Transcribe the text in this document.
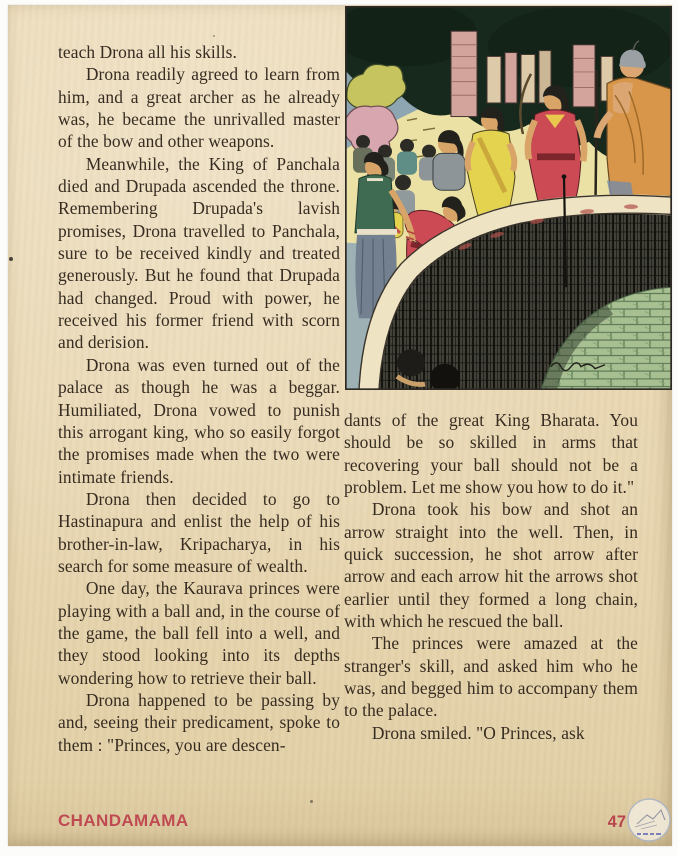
teach Drona all his skills.

Drona readily agreed to learn from him, and a great archer as he already was, he became the unrivalled master of the bow and other weapons.

Meanwhile, the King of Panchala died and Drupada ascended the throne. Remembering Drupada's lavish promises, Drona travelled to Panchala, sure to be received kindly and treated generously. But he found that Drupada had changed. Proud with power, he received his former friend with scorn and derision.

Drona was even turned out of the palace as though he was a beggar. Humiliated, Drona vowed to punish this arrogant king, who so easily forgot the promises made when the two were intimate friends.

Drona then decided to go to Hastinapura and enlist the help of his brother-in-law, Kripacharya, in his search for some measure of wealth.

One day, the Kaurava princes were playing with a ball and, in the course of the game, the ball fell into a well, and they stood looking into its depths wondering how to retrieve their ball.

Drona happened to be passing by and, seeing their predicament, spoke to them : "Princes, you are descen-

dants of the great King Bharata. You should be so skilled in arms that recovering your ball should not be a problem. Let me show you how to do it."

Drona took his bow and shot an arrow straight into the well. Then, in quick succession, he shot arrow after arrow and each arrow hit the arrows shot earlier until they formed a long chain, with which he rescued the ball.

The princes were amazed at the stranger's skill, and asked him who he was, and begged him to accompany them to the palace.

Drona smiled. "O Princes, ask

CHANDAMAMA	47
